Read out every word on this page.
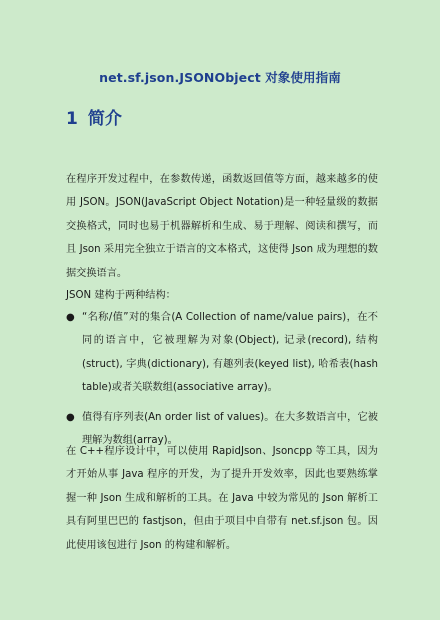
net.sf.json.JSONObject 对象使用指南
1 简介

在程序开发过程中，在参数传递，函数返回值等方面，越来越多的使用 JSON。JSON(JavaScript Object Notation)是一种轻量级的数据交换格式，同时也易于机器解析和生成、易于理解、阅读和撰写，而且 Json 采用完全独立于语言的文本格式，这使得 Json 成为理想的数据交换语言。

JSON 建构于两种结构：

● “名称/值”对的集合(A Collection of name/value pairs)，在不同的语言中，它被理解为对象(Object), 记录(record), 结构(struct), 字典(dictionary), 有趣列表(keyed list), 哈希表(hash table)或者关联数组(associative array)。
● 值得有序列表(An order list of values)。在大多数语言中，它被理解为数组(array)。

在 C++程序设计中，可以使用 RapidJson、Jsoncpp 等工具，因为才开始从事 Java 程序的开发，为了提升开发效率，因此也要熟练掌握一种 Json 生成和解析的工具。在 Java 中较为常见的 Json 解析工具有阿里巴巴的 fastjson，但由于项目中自带有 net.sf.json 包。因此使用该包进行 Json 的构建和解析。
